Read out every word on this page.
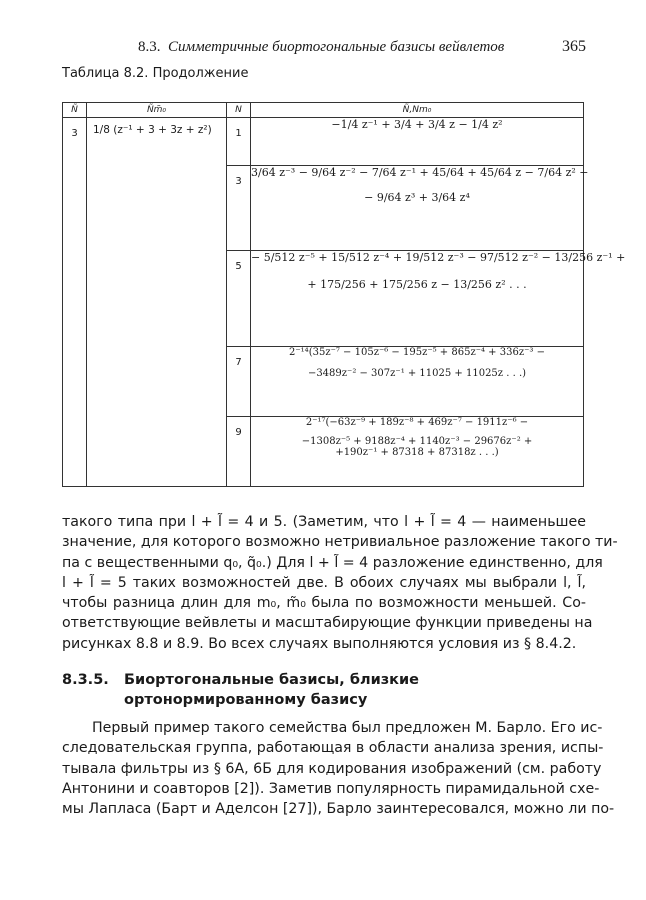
8.3. Симметричные биортогональные базисы вейвлетов	365
Таблица 8.2. Продолжение
Ñ	Ñm̃₀	N	Ñ,Nm₀
3	1/8 (z⁻¹ + 3 + 3z + z²)	1	−1/4 z⁻¹ + 3/4 + 3/4 z − 1/4 z²

		3	3/64 z⁻³ − 9/64 z⁻² − 7/64 z⁻¹ + 45/64 + 45/64 z − 7/64 z² −
− 9/64 z³ + 3/64 z⁴

		5	− 5/512 z⁻⁵ + 15/512 z⁻⁴ + 19/512 z⁻³ − 97/512 z⁻² − 13/256 z⁻¹ +
+ 175/256 + 175/256 z − 13/256 z² . . .

		7	2⁻¹⁴(35z⁻⁷ − 105z⁻⁶ − 195z⁻⁵ + 865z⁻⁴ + 336z⁻³ −
−3489z⁻² − 307z⁻¹ + 11025 + 11025z . . .)

		9	2⁻¹⁷(−63z⁻⁹ + 189z⁻⁸ + 469z⁻⁷ − 1911z⁻⁶ −
−1308z⁻⁵ + 9188z⁻⁴ + 1140z⁻³ − 29676z⁻² +
+190z⁻¹ + 87318 + 87318z . . .)

такого типа при l + l̃ = 4 и 5. (Заметим, что l + l̃ = 4 — наименьшее
значение, для которого возможно нетривиальное разложение такого ти-
па с вещественными q₀, q̃₀.) Для l + l̃ = 4 разложение единственно, для
l + l̃ = 5 таких возможностей две. В обоих случаях мы выбрали l, l̃,
чтобы разница длин для m₀, m̃₀ была по возможности меньшей. Со-
ответствующие вейвлеты и масштабирующие функции приведены на
рисунках 8.8 и 8.9. Во всех случаях выполняются условия из § 8.4.2.

8.3.5. Биортогональные базисы, близкие
ортонормированному базису

Первый пример такого семейства был предложен М. Барло. Его ис-
следовательская группа, работающая в области анализа зрения, испы-
тывала фильтры из § 6А, 6Б для кодирования изображений (см. работу
Антонини и соавторов [2]). Заметив популярность пирамидальной схе-
мы Лапласа (Барт и Аделсон [27]), Барло заинтересовался, можно ли по-
